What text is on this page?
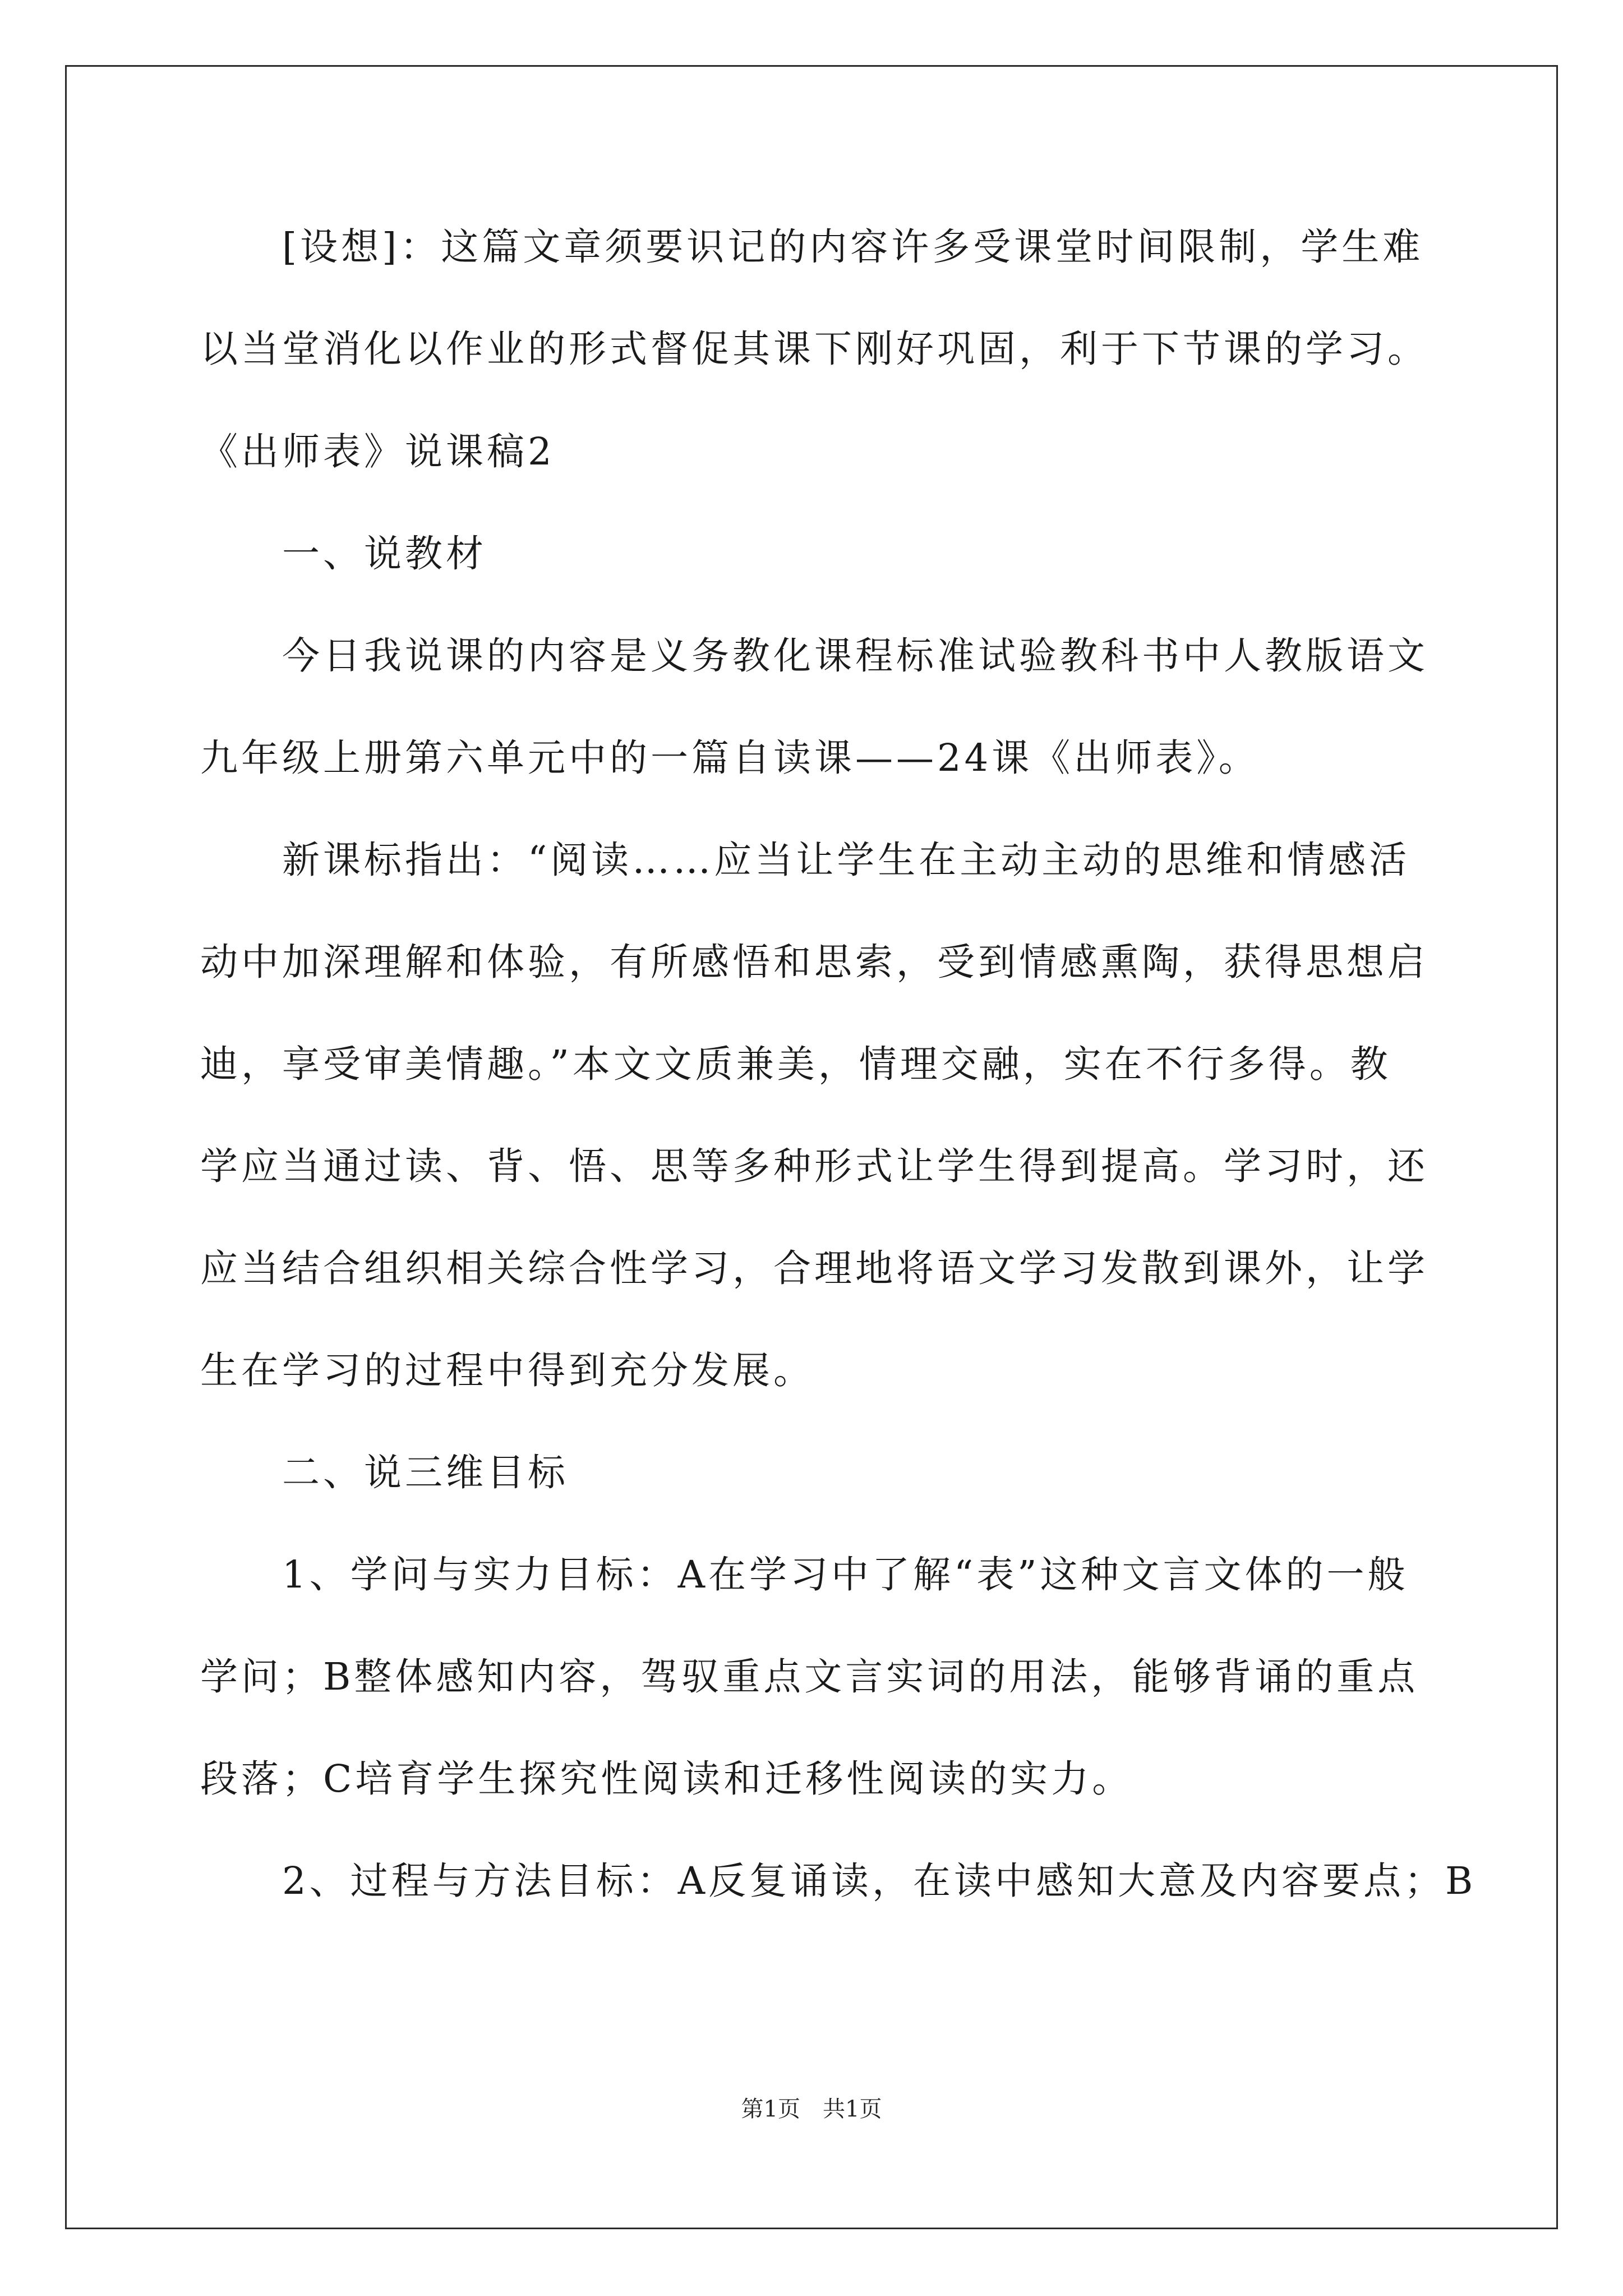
　　[设想]：这篇文章须要识记的内容许多受课堂时间限制，学生难
以当堂消化以作业的形式督促其课下刚好巩固，利于下节课的学习。
《出师表》说课稿2
　　一、说教材
　　今日我说课的内容是义务教化课程标准试验教科书中人教版语文
九年级上册第六单元中的一篇自读课——24课《出师表》。
　　新课标指出：“阅读……应当让学生在主动主动的思维和情感活
动中加深理解和体验，有所感悟和思索，受到情感熏陶，获得思想启
迪，享受审美情趣。”本文文质兼美，情理交融，实在不行多得。教
学应当通过读、背、悟、思等多种形式让学生得到提高。学习时，还
应当结合组织相关综合性学习，合理地将语文学习发散到课外，让学
生在学习的过程中得到充分发展。
　　二、说三维目标
　　1、学问与实力目标：A在学习中了解“表”这种文言文体的一般
学问；B整体感知内容，驾驭重点文言实词的用法，能够背诵的重点
段落；C培育学生探究性阅读和迁移性阅读的实力。
　　2、过程与方法目标：A反复诵读，在读中感知大意及内容要点；B
第1页　共1页
